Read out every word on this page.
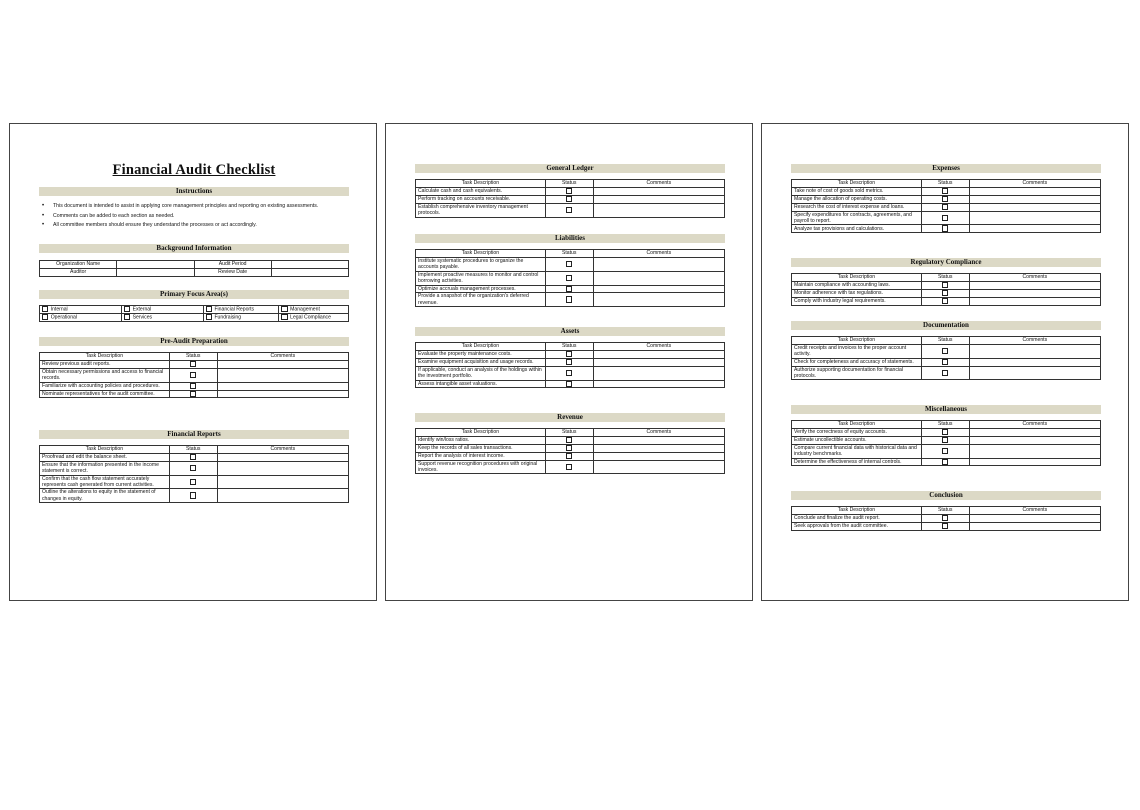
Financial Audit Checklist
Instructions
• This document is intended to assist in applying core management principles and reporting on existing assessments.
• Comments can be added to each section as needed.
• All committee members should ensure they understand the processes or act accordingly.
Background Information
Organization Name		Audit Period	
Auditor		Review Date	
Primary Focus Area(s)
Internal	External	Financial Reports	Management
Operational	Services	Fundraising	Legal Compliance
Pre-Audit Preparation
Task Description	Status	Comments
Review previous audit reports.		
Obtain necessary permissions and access to financial records.		
Familiarize with accounting policies and procedures.		
Nominate representatives for the audit committee.		
Financial Reports
Task Description	Status	Comments
Proofread and edit the balance sheet.		
Ensure that the information presented in the income statement is correct.		
Confirm that the cash flow statement accurately represents cash generated from current activities.		
Outline the alterations to equity in the statement of changes in equity.		
General Ledger
Task Description	Status	Comments
Calculate cash and cash equivalents.		
Perform tracking on accounts receivable.		
Establish comprehensive inventory management protocols.		
Liabilities
Task Description	Status	Comments
Institute systematic procedures to organize the accounts payable.		
Implement proactive measures to monitor and control borrowing activities.		
Optimize accruals management processes.		
Provide a snapshot of the organization's deferred revenue.		
Assets
Task Description	Status	Comments
Evaluate the property maintenance costs.		
Examine equipment acquisition and usage records.		
If applicable, conduct an analysis of the holdings within the investment portfolio.		
Assess intangible asset valuations.		
Revenue
Task Description	Status	Comments
Identify win/loss ratios.		
Keep the records of all sales transactions.		
Report the analysis of interest income.		
Support revenue recognition procedures with original invoices.		
Expenses
Task Description	Status	Comments
Take note of cost of goods sold metrics.		
Manage the allocation of operating costs.		
Research the cost of interest expense and loans.		
Specify expenditures for contracts, agreements, and payroll to report.		
Analyze tax provisions and calculations.		
Regulatory Compliance
Task Description	Status	Comments
Maintain compliance with accounting laws.		
Monitor adherence with tax regulations.		
Comply with industry legal requirements.		
Documentation
Task Description	Status	Comments
Credit receipts and invoices to the proper account activity.		
Check for completeness and accuracy of statements.		
Authorize supporting documentation for financial protocols.		
Miscellaneous
Task Description	Status	Comments
Verify the correctness of equity accounts.		
Estimate uncollectible accounts.		
Compare current financial data with historical data and industry benchmarks.		
Determine the effectiveness of internal controls.		
Conclusion
Task Description	Status	Comments
Conclude and finalize the audit report.		
Seek approvals from the audit committee.		
